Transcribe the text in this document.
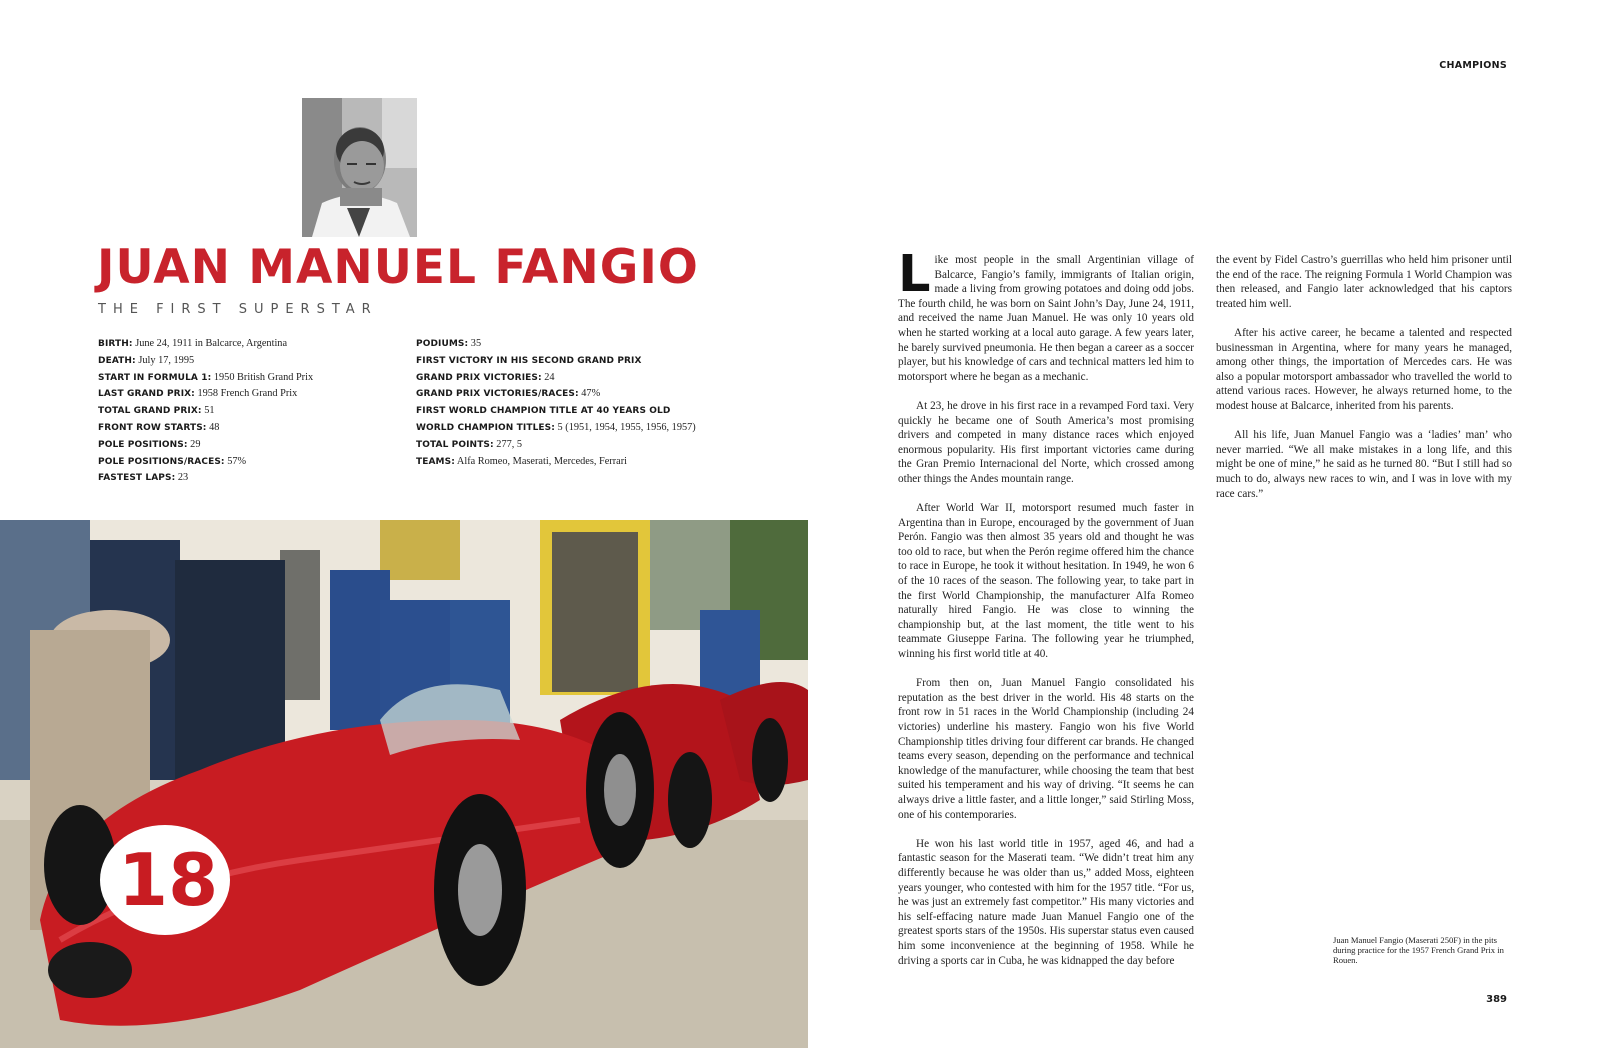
JUAN MANUEL FANGIO
THE FIRST SUPERSTAR
BIRTH: June 24, 1911 in Balcarce, Argentina
DEATH: July 17, 1995
START IN FORMULA 1: 1950 British Grand Prix
LAST GRAND PRIX: 1958 French Grand Prix
TOTAL GRAND PRIX: 51
FRONT ROW STARTS: 48
POLE POSITIONS: 29
POLE POSITIONS/RACES: 57%
FASTEST LAPS: 23
PODIUMS: 35
FIRST VICTORY IN HIS SECOND GRAND PRIX
GRAND PRIX VICTORIES: 24
GRAND PRIX VICTORIES/RACES: 47%
FIRST WORLD CHAMPION TITLE AT 40 YEARS OLD
WORLD CHAMPION TITLES: 5 (1951, 1954, 1955, 1956, 1957)
TOTAL POINTS: 277, 5
TEAMS: Alfa Romeo, Maserati, Mercedes, Ferrari
18
CHAMPIONS

Like most people in the small Argentinian village of Balcarce, Fangio’s family, immigrants of Italian origin, made a living from growing potatoes and doing odd jobs. The fourth child, he was born on Saint John’s Day, June 24, 1911, and received the name Juan Manuel. He was only 10 years old when he started working at a local auto garage. A few years later, he barely survived pneumonia. He then began a career as a soccer player, but his knowledge of cars and technical matters led him to motorsport where he began as a mechanic.

At 23, he drove in his first race in a revamped Ford taxi. Very quickly he became one of South America’s most promising drivers and competed in many distance races which enjoyed enormous popularity. His first important victories came during the Gran Premio Internacional del Norte, which crossed among other things the Andes mountain range.

After World War II, motorsport resumed much faster in Argentina than in Europe, encouraged by the government of Juan Perón. Fangio was then almost 35 years old and thought he was too old to race, but when the Perón regime offered him the chance to race in Europe, he took it without hesitation. In 1949, he won 6 of the 10 races of the season. The following year, to take part in the first World Championship, the manufacturer Alfa Romeo naturally hired Fangio. He was close to winning the championship but, at the last moment, the title went to his teammate Giuseppe Farina. The following year he triumphed, winning his first world title at 40.

From then on, Juan Manuel Fangio consolidated his reputation as the best driver in the world. His 48 starts on the front row in 51 races in the World Championship (including 24 victories) underline his mastery. Fangio won his five World Championship titles driving four different car brands. He changed teams every season, depending on the performance and technical knowledge of the manufacturer, while choosing the team that best suited his temperament and his way of driving. “It seems he can always drive a little faster, and a little longer,” said Stirling Moss, one of his contemporaries.

He won his last world title in 1957, aged 46, and had a fantastic season for the Maserati team. “We didn’t treat him any differently because he was older than us,” added Moss, eighteen years younger, who contested with him for the 1957 title. “For us, he was just an extremely fast competitor.” His many victories and his self-effacing nature made Juan Manuel Fangio one of the greatest sports stars of the 1950s. His superstar status even caused him some inconvenience at the beginning of 1958. While he driving a sports car in Cuba, he was kidnapped the day before

the event by Fidel Castro’s guerrillas who held him prisoner until the end of the race. The reigning Formula 1 World Champion was then released, and Fangio later acknowledged that his captors treated him well.

After his active career, he became a talented and respected businessman in Argentina, where for many years he managed, among other things, the importation of Mercedes cars. He was also a popular motorsport ambassador who travelled the world to attend various races. However, he always returned home, to the modest house at Balcarce, inherited from his parents.

All his life, Juan Manuel Fangio was a ‘ladies’ man’ who never married. “We all make mistakes in a long life, and this might be one of mine,” he said as he turned 80. “But I still had so much to do, always new races to win, and I was in love with my race cars.”

Juan Manuel Fangio (Maserati 250F) in the pits during practice for the 1957 French Grand Prix in Rouen.
389
